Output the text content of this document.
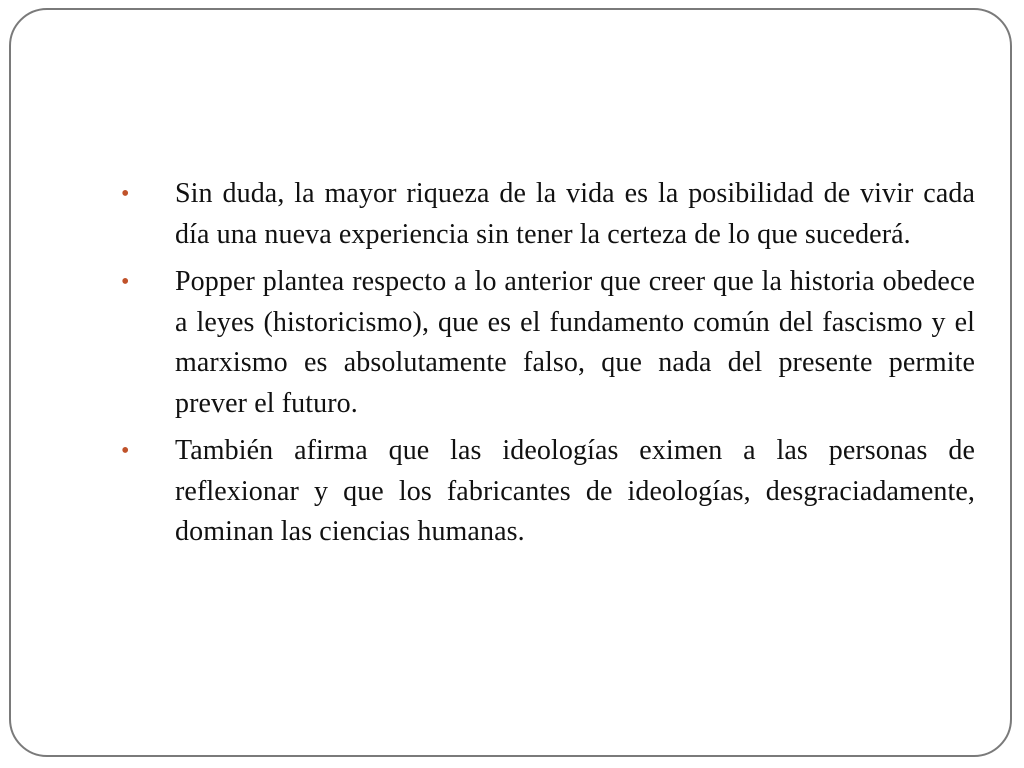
•	Sin duda, la mayor riqueza de la vida es la posibilidad de vivir cada día una nueva experiencia sin tener la certeza de lo que sucederá.
•	Popper plantea respecto a lo anterior que creer que la historia obedece a leyes (historicismo), que es el fundamento común del fascismo y el marxismo es absolutamente falso, que nada del presente permite prever el futuro.
•	También afirma que las ideologías eximen a las personas de reflexionar y que los fabricantes de ideologías, desgraciadamente, dominan las ciencias humanas.
